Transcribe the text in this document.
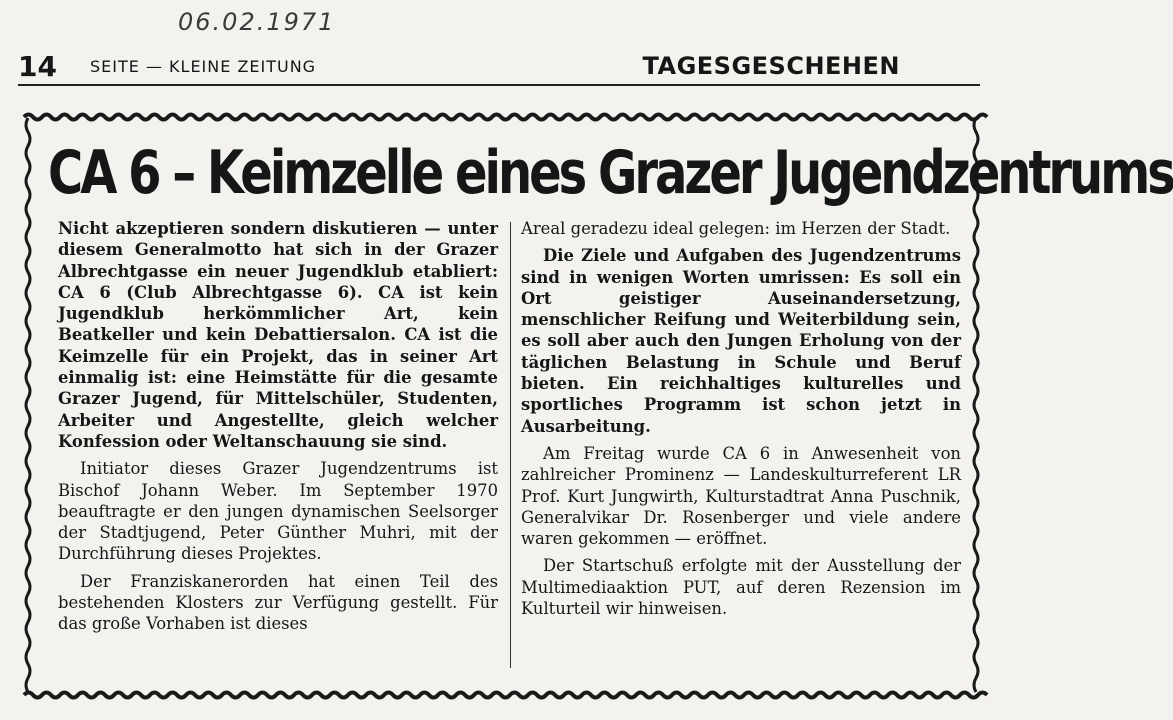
06.02.1971
14 SEITE — KLEINE ZEITUNG	TAGESGESCHEHEN
CA 6 – Keimzelle eines Grazer Jugendzentrums

Nicht akzeptieren sondern diskutieren — unter diesem Generalmotto hat sich in der Grazer Albrechtgasse ein neuer Jugendklub etabliert: CA 6 (Club Albrechtgasse 6). CA ist kein Jugendklub herkömmlicher Art, kein Beatkeller und kein Debattiersalon. CA ist die Keimzelle für ein Projekt, das in seiner Art einmalig ist: eine Heimstätte für die gesamte Grazer Jugend, für Mittelschüler, Studenten, Arbeiter und Angestellte, gleich welcher Konfession oder Weltanschauung sie sind.

Initiator dieses Grazer Jugendzentrums ist Bischof Johann Weber. Im September 1970 beauftragte er den jungen dynamischen Seelsorger der Stadtjugend, Peter Günther Muhri, mit der Durchführung dieses Projektes.

Der Franziskanerorden hat einen Teil des bestehenden Klosters zur Verfügung gestellt. Für das große Vorhaben ist dieses

Areal geradezu ideal gelegen: im Herzen der Stadt.

Die Ziele und Aufgaben des Jugendzentrums sind in wenigen Worten umrissen: Es soll ein Ort geistiger Auseinandersetzung, menschlicher Reifung und Weiterbildung sein, es soll aber auch den Jungen Erholung von der täglichen Belastung in Schule und Beruf bieten. Ein reichhaltiges kulturelles und sportliches Programm ist schon jetzt in Ausarbeitung.

Am Freitag wurde CA 6 in Anwesenheit von zahlreicher Prominenz — Landeskulturreferent LR Prof. Kurt Jungwirth, Kulturstadtrat Anna Puschnik, Generalvikar Dr. Rosenberger und viele andere waren gekommen — eröffnet.

Der Startschuß erfolgte mit der Ausstellung der Multimediaaktion PUT, auf deren Rezension im Kulturteil wir hinweisen.
